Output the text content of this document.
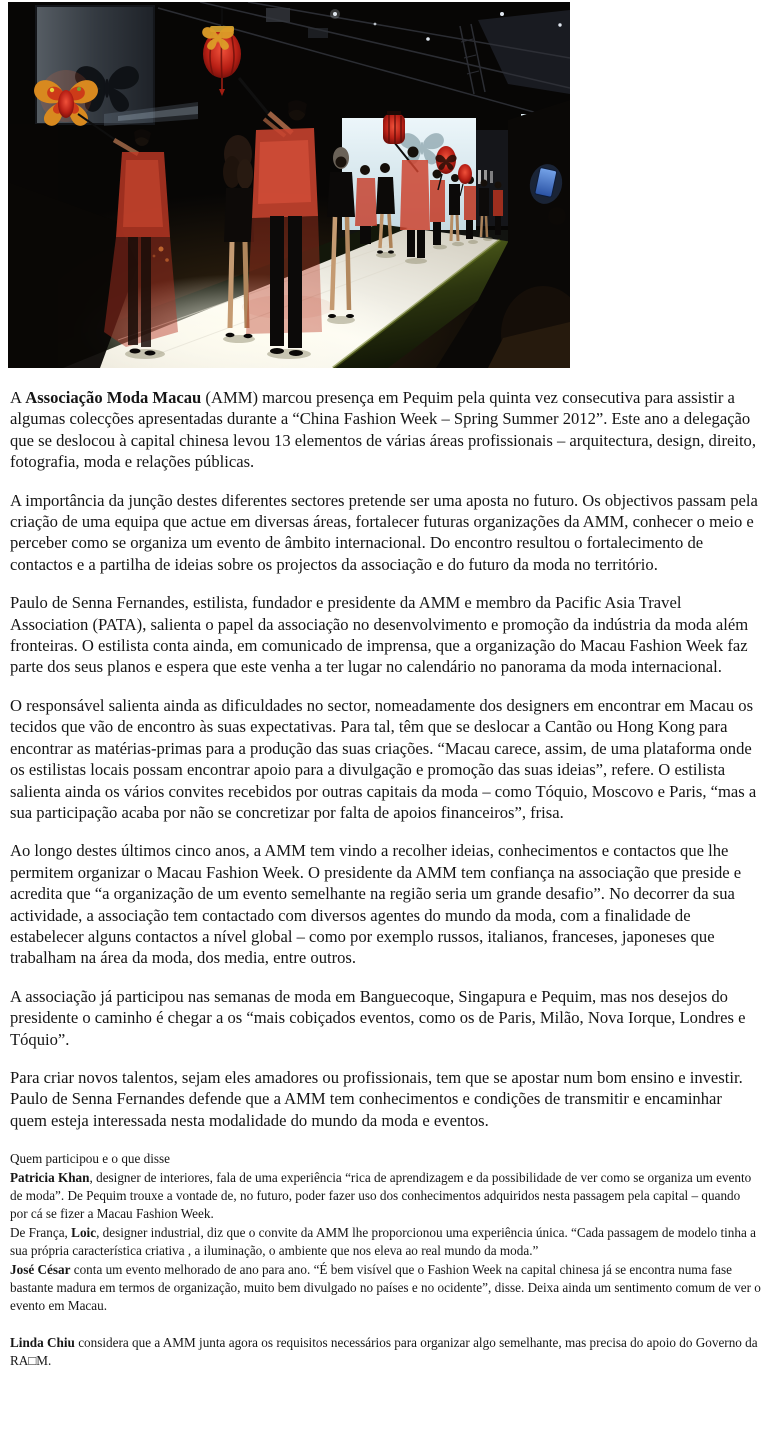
A Associação Moda Macau (AMM) marcou presença em Pequim pela quinta vez consecutiva para assistir a algumas colecções apresentadas durante a “China Fashion Week – Spring Summer 2012”. Este ano a delegação que se deslocou à capital chinesa levou 13 elementos de várias áreas profissionais – arquitectura, design, direito, fotografia, moda e relações públicas.

A importância da junção destes diferentes sectores pretende ser uma aposta no futuro. Os objectivos passam pela criação de uma equipa que actue em diversas áreas, fortalecer futuras organizações da AMM, conhecer o meio e perceber como se organiza um evento de âmbito internacional. Do encontro resultou o fortalecimento de contactos e a partilha de ideias sobre os projectos da associação e do futuro da moda no território.

Paulo de Senna Fernandes, estilista, fundador e presidente da AMM e membro da Pacific Asia Travel Association (PATA), salienta o papel da associação no desenvolvimento e promoção da indústria da moda além fronteiras. O estilista conta ainda, em comunicado de imprensa, que a organização do Macau Fashion Week faz parte dos seus planos e espera que este venha a ter lugar no calendário no panorama da moda internacional.

O responsável salienta ainda as dificuldades no sector, nomeadamente dos designers em encontrar em Macau os tecidos que vão de encontro às suas expectativas. Para tal, têm que se deslocar a Cantão ou Hong Kong para encontrar as matérias-primas para a produção das suas criações. “Macau carece, assim, de uma plataforma onde os estilistas locais possam encontrar apoio para a divulgação e promoção das suas ideias”, refere. O estilista salienta ainda os vários convites recebidos por outras capitais da moda – como Tóquio, Moscovo e Paris, “mas a sua participação acaba por não se concretizar por falta de apoios financeiros”, frisa.

Ao longo destes últimos cinco anos, a AMM tem vindo a recolher ideias, conhecimentos e contactos que lhe permitem organizar o Macau Fashion Week. O presidente da AMM tem confiança na associação que preside e acredita que “a organização de um evento semelhante na região seria um grande desafio”. No decorrer da sua actividade, a associação tem contactado com diversos agentes do mundo da moda, com a finalidade de estabelecer alguns contactos a nível global – como por exemplo russos, italianos, franceses, japoneses que trabalham na área da moda, dos media, entre outros.

A associação já participou nas semanas de moda em Banguecoque, Singapura e Pequim, mas nos desejos do presidente o caminho é chegar a os “mais cobiçados eventos, como os de Paris, Milão, Nova Iorque, Londres e Tóquio”.

Para criar novos talentos, sejam eles amadores ou profissionais, tem que se apostar num bom ensino e investir. Paulo de Senna Fernandes defende que a AMM tem conhecimentos e condições de transmitir e encaminhar quem esteja interessada nesta modalidade do mundo da moda e eventos.

Quem participou e o que disse

Patricia Khan, designer de interiores, fala de uma experiência “rica de aprendizagem e da possibilidade de ver como se organiza um evento de moda”. De Pequim trouxe a vontade de, no futuro, poder fazer uso dos conhecimentos adquiridos nesta passagem pela capital – quando por cá se fizer a Macau Fashion Week.

De França, Loic, designer industrial, diz que o convite da AMM lhe proporcionou uma experiência única. “Cada passagem de modelo tinha a sua própria característica criativa , a iluminação, o ambiente que nos eleva ao real mundo da moda.”

José César conta um evento melhorado de ano para ano. “É bem visível que o Fashion Week na capital chinesa já se encontra numa fase bastante madura em termos de organização, muito bem divulgado no países e no ocidente”, disse. Deixa ainda um sentimento comum de ver o evento em Macau.

Linda Chiu considera que a AMM junta agora os requisitos necessários para organizar algo semelhante, mas precisa do apoio do Governo da RA□M.
